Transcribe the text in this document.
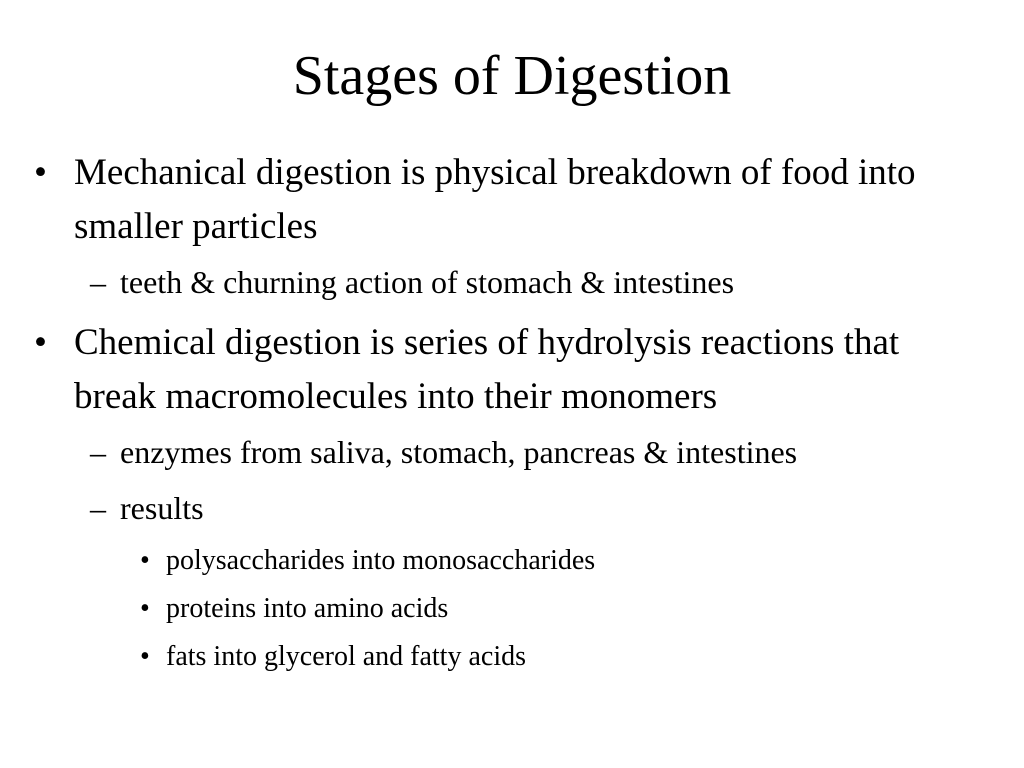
Stages of Digestion
• Mechanical digestion is physical breakdown of food into smaller particles
– teeth & churning action of stomach & intestines
• Chemical digestion is series of hydrolysis reactions that break macromolecules into their monomers
– enzymes from saliva, stomach, pancreas & intestines
– results
• polysaccharides into monosaccharides
• proteins into amino acids
• fats into glycerol and fatty acids
